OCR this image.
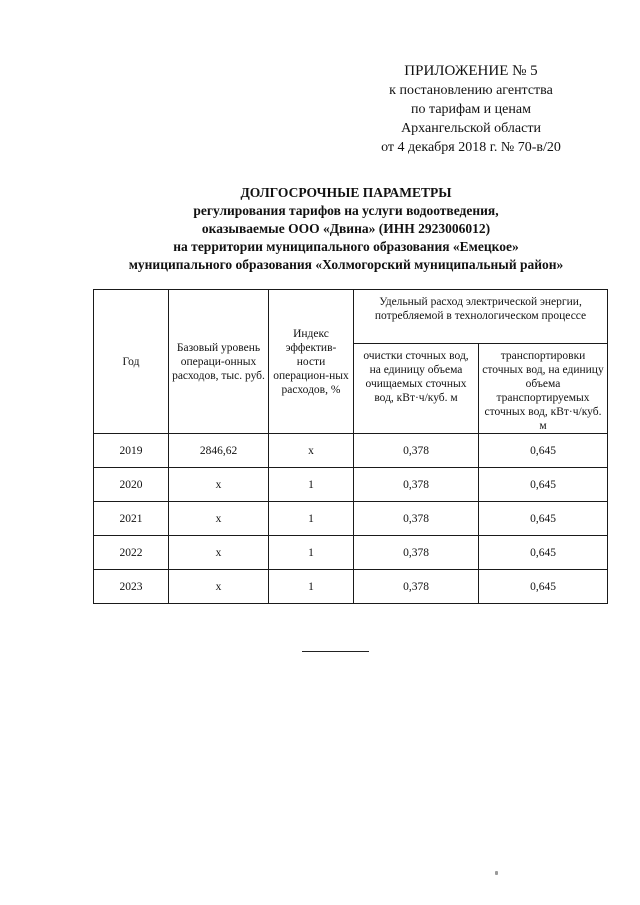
ПРИЛОЖЕНИЕ № 5
к постановлению агентства
по тарифам и ценам
Архангельской области
от 4 декабря 2018 г. № 70-в/20
ДОЛГОСРОЧНЫЕ ПАРАМЕТРЫ
регулирования тарифов на услуги водоотведения,
оказываемые ООО «Двина» (ИНН 2923006012)
на территории муниципального образования «Емецкое»
муниципального образования «Холмогорский муниципальный район»
Год	Базовый уровень операци-онных расходов, тыс. руб.	Индекс эффектив-ности операцион-ных расходов, %	Удельный расход электрической энергии, потребляемой в технологическом процессе	
			очистки сточных вод, на единицу объема очищаемых сточных вод, кВт·ч/куб. м	транспортировки сточных вод, на единицу объема транспортируемых сточных вод, кВт·ч/куб. м
2019	2846,62	x	0,378	0,645
2020	x	1	0,378	0,645
2021	x	1	0,378	0,645
2022	x	1	0,378	0,645
2023	x	1	0,378	0,645
